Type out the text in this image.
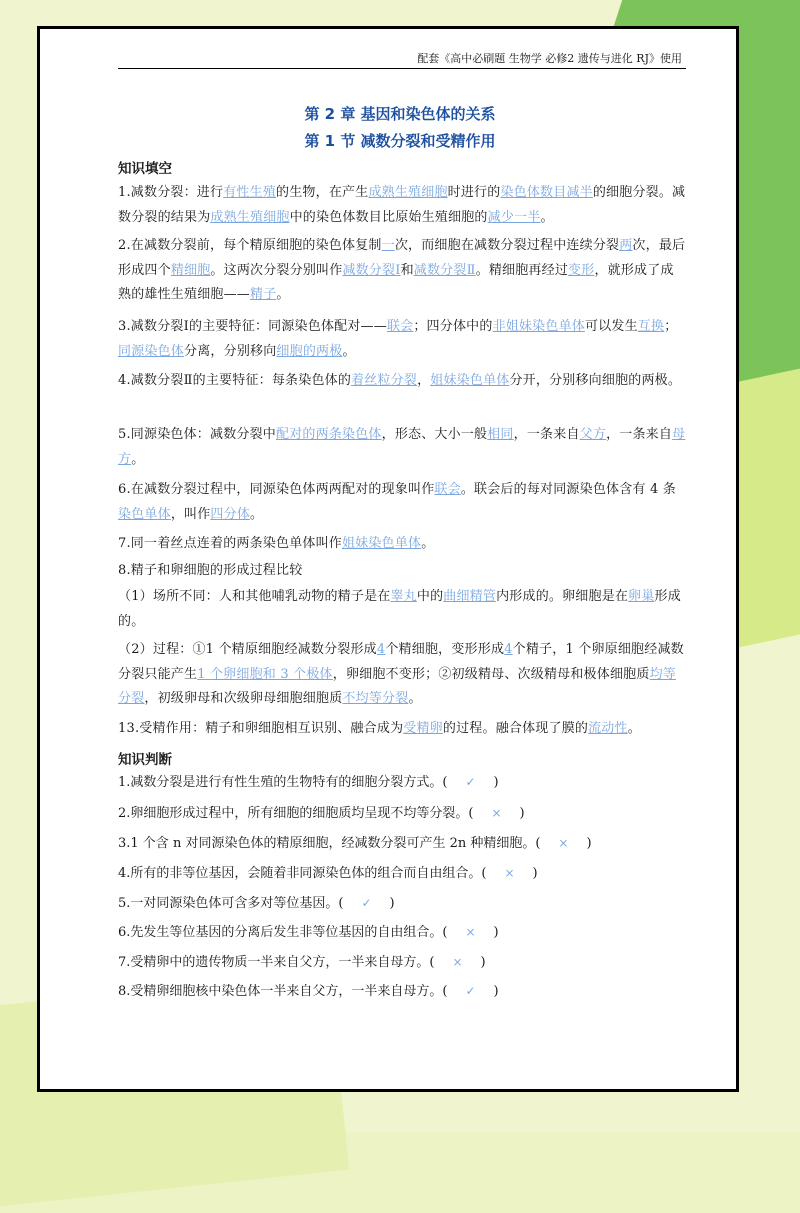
配套《高中必刷题 生物学 必修2 遗传与进化 RJ》使用
第 2 章 基因和染色体的关系
第 1 节 减数分裂和受精作用
知识填空
1.减数分裂：进行有性生殖的生物，在产生成熟生殖细胞时进行的染色体数目减半的细胞分裂。减数分裂的结果为成熟生殖细胞中的染色体数目比原始生殖细胞的减少一半。
2.在减数分裂前，每个精原细胞的染色体复制一次，而细胞在减数分裂过程中连续分裂两次，最后形成四个精细胞。这两次分裂分别叫作减数分裂Ⅰ和减数分裂Ⅱ。精细胞再经过变形，就形成了成熟的雄性生殖细胞——精子。
3.减数分裂Ⅰ的主要特征：同源染色体配对——联会；四分体中的非姐妹染色单体可以发生互换；同源染色体分离，分别移向细胞的两极。
4.减数分裂Ⅱ的主要特征：每条染色体的着丝粒分裂，姐妹染色单体分开，分别移向细胞的两极。
5.同源染色体：减数分裂中配对的两条染色体，形态、大小一般相同，一条来自父方，一条来自母方。
6.在减数分裂过程中，同源染色体两两配对的现象叫作联会。联会后的每对同源染色体含有 4 条染色单体，叫作四分体。
7.同一着丝点连着的两条染色单体叫作姐妹染色单体。
8.精子和卵细胞的形成过程比较
（1）场所不同：人和其他哺乳动物的精子是在睾丸中的曲细精管内形成的。卵细胞是在卵巢形成的。
（2）过程：①1 个精原细胞经减数分裂形成4个精细胞，变形形成4个精子，1 个卵原细胞经减数分裂只能产生1 个卵细胞和 3 个极体，卵细胞不变形；②初级精母、次级精母和极体细胞质均等分裂，初级卵母和次级卵母细胞细胞质不均等分裂。
13.受精作用：精子和卵细胞相互识别、融合成为受精卵的过程。融合体现了膜的流动性。
知识判断
1.减数分裂是进行有性生殖的生物特有的细胞分裂方式。( ✓ )
2.卵细胞形成过程中，所有细胞的细胞质均呈现不均等分裂。( × )
3.1 个含 n 对同源染色体的精原细胞，经减数分裂可产生 2n 种精细胞。( × )
4.所有的非等位基因，会随着非同源染色体的组合而自由组合。( × )
5.一对同源染色体可含多对等位基因。( ✓ )
6.先发生等位基因的分离后发生非等位基因的自由组合。( × )
7.受精卵中的遗传物质一半来自父方，一半来自母方。( × )
8.受精卵细胞核中染色体一半来自父方，一半来自母方。( ✓ )
